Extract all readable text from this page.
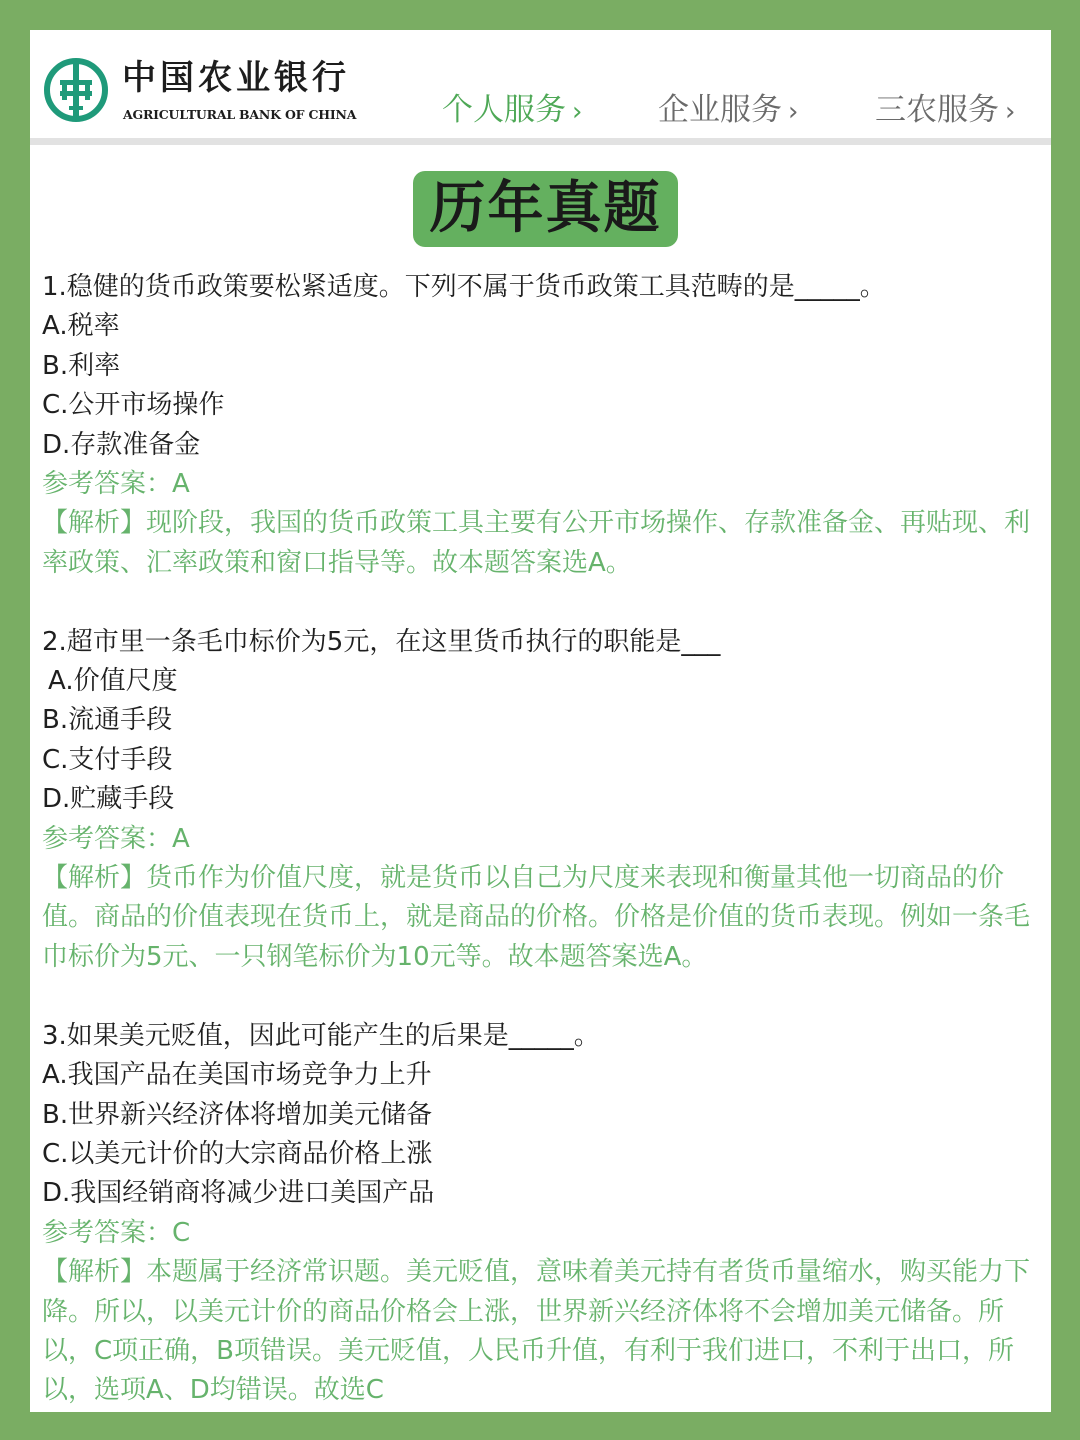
中国农业银行
AGRICULTURAL BANK OF CHINA	个人服务 › 企业服务 › 三农服务 ›
历年真题
1.稳健的货币政策要松紧适度。下列不属于货币政策工具范畴的是_____。
A.税率
B.利率
C.公开市场操作
D.存款准备金
参考答案：A
【解析】现阶段，我国的货币政策工具主要有公开市场操作、存款准备金、再贴现、利率政策、汇率政策和窗口指导等。故本题答案选A。
2.超市里一条毛巾标价为5元，在这里货币执行的职能是___
A.价值尺度
B.流通手段
C.支付手段
D.贮藏手段
参考答案：A
【解析】货币作为价值尺度，就是货币以自己为尺度来表现和衡量其他一切商品的价值。商品的价值表现在货币上，就是商品的价格。价格是价值的货币表现。例如一条毛巾标价为5元、一只钢笔标价为10元等。故本题答案选A。
3.如果美元贬值，因此可能产生的后果是_____。
A.我国产品在美国市场竞争力上升
B.世界新兴经济体将增加美元储备
C.以美元计价的大宗商品价格上涨
D.我国经销商将减少进口美国产品
参考答案：C
【解析】本题属于经济常识题。美元贬值，意味着美元持有者货币量缩水，购买能力下降。所以，以美元计价的商品价格会上涨，世界新兴经济体将不会增加美元储备。所以，C项正确，B项错误。美元贬值，人民币升值，有利于我们进口，不利于出口，所以，选项A、D均错误。故选C
